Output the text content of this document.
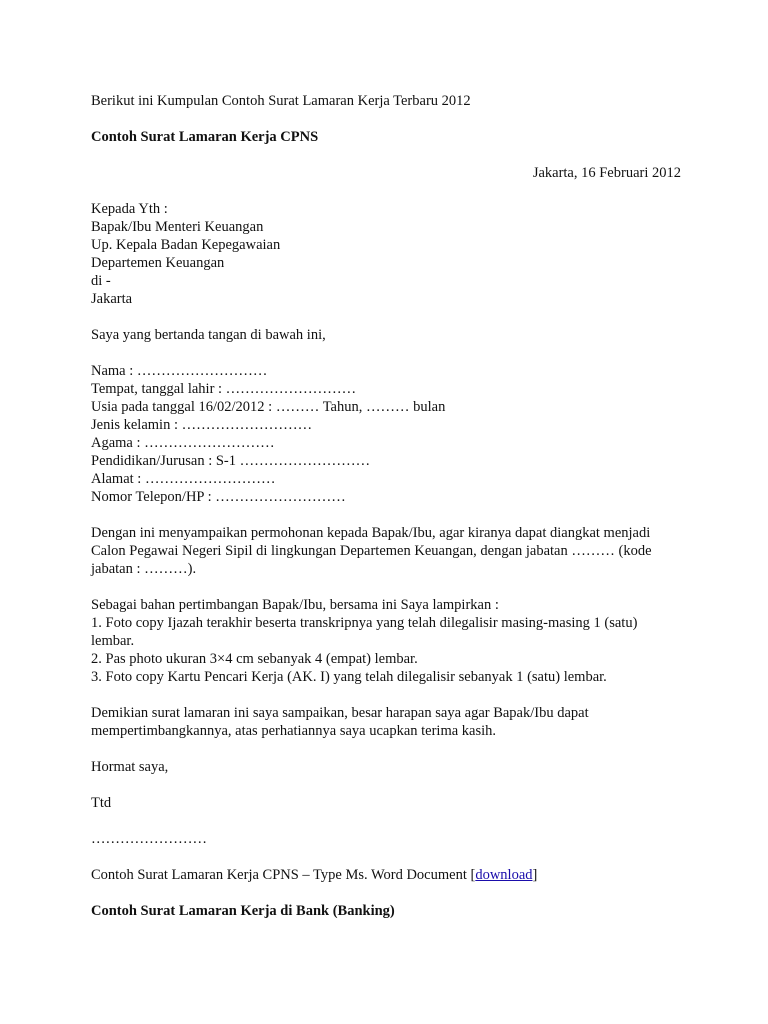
Berikut ini Kumpulan Contoh Surat Lamaran Kerja Terbaru 2012
Contoh Surat Lamaran Kerja CPNS
Jakarta, 16 Februari 2012
Kepada Yth :
Bapak/Ibu Menteri Keuangan
Up. Kepala Badan Kepegawaian
Departemen Keuangan
di -
Jakarta
Saya yang bertanda tangan di bawah ini,
Nama : ………………………
Tempat, tanggal lahir : ………………………
Usia pada tanggal 16/02/2012 : ……… Tahun, ……… bulan
Jenis kelamin : ………………………
Agama : ………………………
Pendidikan/Jurusan : S-1 ………………………
Alamat : ………………………
Nomor Telepon/HP : ………………………
Dengan ini menyampaikan permohonan kepada Bapak/Ibu, agar kiranya dapat diangkat menjadi
Calon Pegawai Negeri Sipil di lingkungan Departemen Keuangan, dengan jabatan ……… (kode
jabatan : ………).
Sebagai bahan pertimbangan Bapak/Ibu, bersama ini Saya lampirkan :
1. Foto copy Ijazah terakhir beserta transkripnya yang telah dilegalisir masing-masing 1 (satu)
lembar.
2. Pas photo ukuran 3×4 cm sebanyak 4 (empat) lembar.
3. Foto copy Kartu Pencari Kerja (AK. I) yang telah dilegalisir sebanyak 1 (satu) lembar.
Demikian surat lamaran ini saya sampaikan, besar harapan saya agar Bapak/Ibu dapat
mempertimbangkannya, atas perhatiannya saya ucapkan terima kasih.
Hormat saya,
Ttd
……………………
Contoh Surat Lamaran Kerja CPNS – Type Ms. Word Document [download]
Contoh Surat Lamaran Kerja di Bank (Banking)
